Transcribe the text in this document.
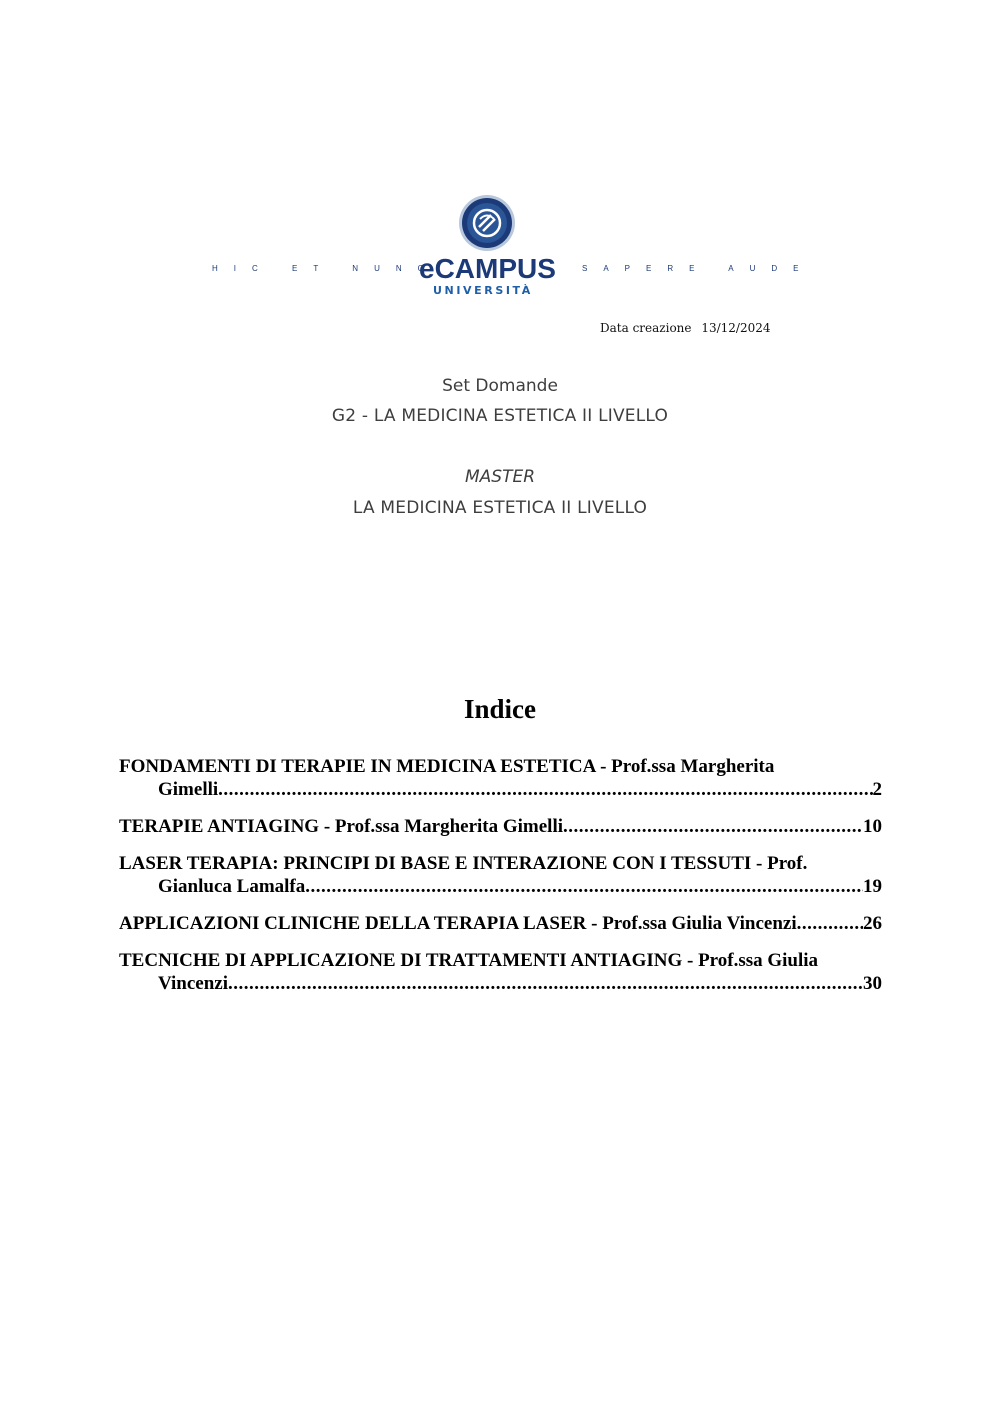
HIC ET NUNC
eCAMPUS
UNIVERSITÀ
SAPERE AUDE
Data creazione 13/12/2024
Set Domande
G2 - LA MEDICINA ESTETICA II LIVELLO
MASTER
LA MEDICINA ESTETICA II LIVELLO
Indice
FONDAMENTI DI TERAPIE IN MEDICINA ESTETICA - Prof.ssa Margherita
Gimelli .....	2
TERAPIE ANTIAGING - Prof.ssa Margherita Gimelli .....	10
LASER TERAPIA: PRINCIPI DI BASE E INTERAZIONE CON I TESSUTI - Prof.
Gianluca Lamalfa .....	19
APPLICAZIONI CLINICHE DELLA TERAPIA LASER - Prof.ssa Giulia Vincenzi .....	26
TECNICHE DI APPLICAZIONE DI TRATTAMENTI ANTIAGING - Prof.ssa Giulia
Vincenzi .....	30
